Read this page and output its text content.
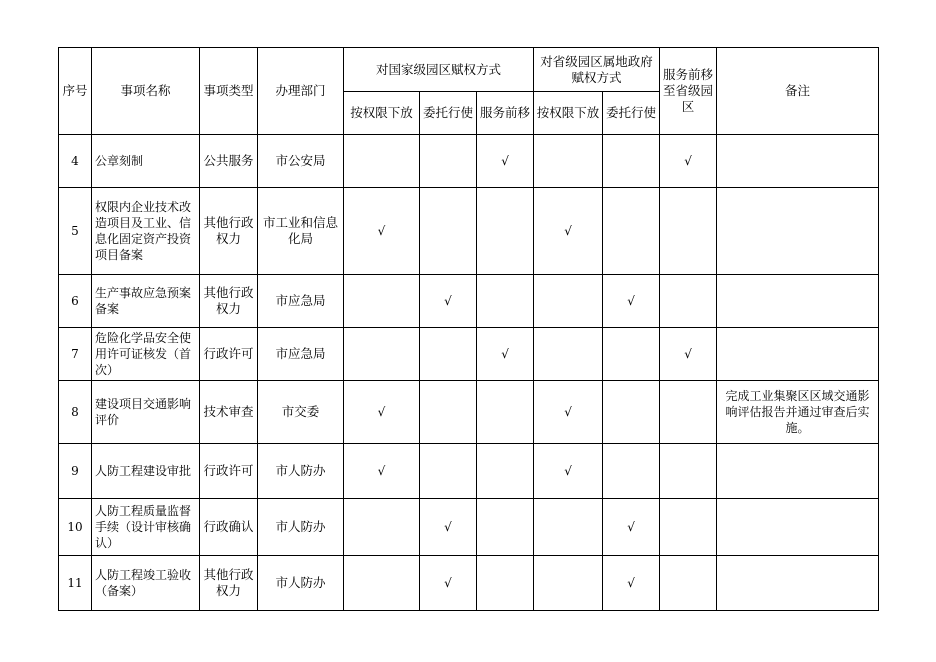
序号	事项名称	事项类型	办理部门	对国家级园区赋权方式			对省级园区属地政府赋权方式		服务前移至省级园区	备注
				按权限下放	委托行使	服务前移	按权限下放	委托行使		
4	公章刻制	公共服务	市公安局			√			√	
5	权限内企业技术改造项目及工业、信息化固定资产投资项目备案	其他行政权力	市工业和信息化局	√			√			
6	生产事故应急预案备案	其他行政权力	市应急局		√			√		
7	危险化学品安全使用许可证核发（首次）	行政许可	市应急局			√			√	
8	建设项目交通影响评价	技术审查	市交委	√			√			完成工业集聚区区域交通影响评估报告并通过审查后实施。
9	人防工程建设审批	行政许可	市人防办	√			√			
10	人防工程质量监督手续（设计审核确认）	行政确认	市人防办		√			√		
11	人防工程竣工验收（备案）	其他行政权力	市人防办		√			√		
